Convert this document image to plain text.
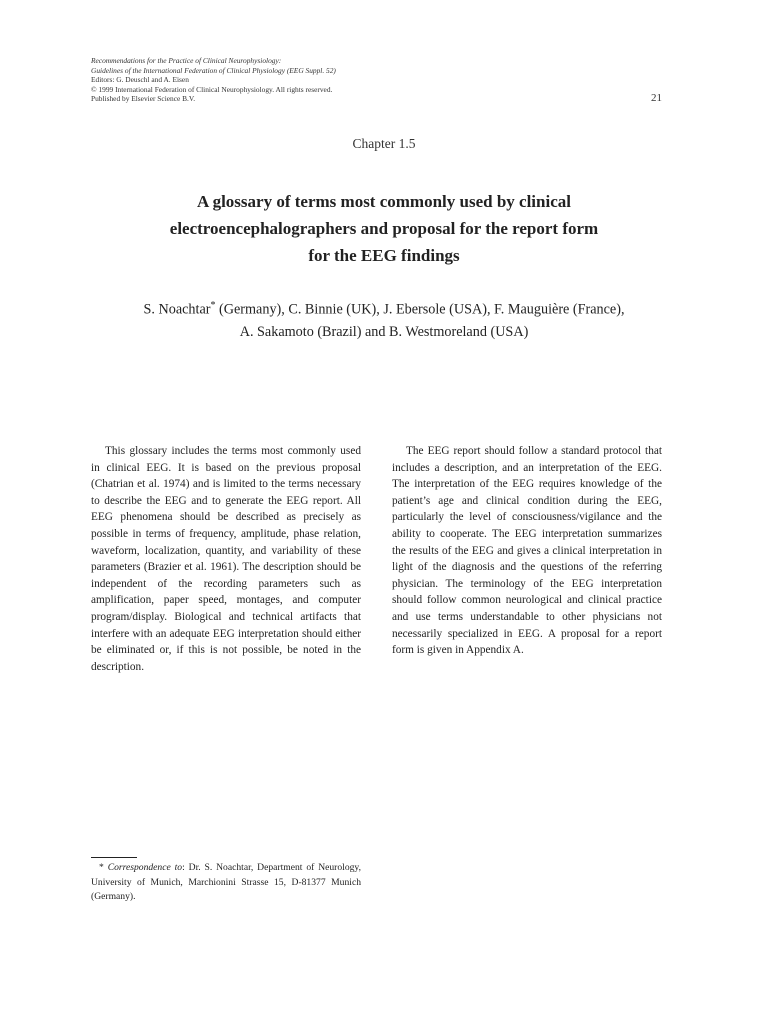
Recommendations for the Practice of Clinical Neurophysiology:
Guidelines of the International Federation of Clinical Physiology (EEG Suppl. 52)
Editors: G. Deuschl and A. Eisen
© 1999 International Federation of Clinical Neurophysiology. All rights reserved.
Published by Elsevier Science B.V.	21
Chapter 1.5
A glossary of terms most commonly used by clinical
electroencephalographers and proposal for the report form
for the EEG findings
S. Noachtar* (Germany), C. Binnie (UK), J. Ebersole (USA), F. Mauguière (France),
A. Sakamoto (Brazil) and B. Westmoreland (USA)

This glossary includes the terms most commonly used in clinical EEG. It is based on the previous proposal (Chatrian et al. 1974) and is limited to the terms necessary to describe the EEG and to generate the EEG report. All EEG phenomena should be described as precisely as possible in terms of frequency, amplitude, phase relation, waveform, localization, quantity, and variability of these parameters (Brazier et al. 1961). The description should be independent of the recording parameters such as amplification, paper speed, montages, and computer program/display. Biological and technical artifacts that interfere with an adequate EEG interpretation should either be eliminated or, if this is not possible, be noted in the description.

The EEG report should follow a standard protocol that includes a description, and an interpretation of the EEG. The interpretation of the EEG requires knowledge of the patient’s age and clinical condition during the EEG, particularly the level of consciousness/vigilance and the ability to cooperate. The EEG interpretation summarizes the results of the EEG and gives a clinical interpretation in light of the diagnosis and the questions of the referring physician. The terminology of the EEG interpretation should follow common neurological and clinical practice and use terms understandable to other physicians not necessarily specialized in EEG. A proposal for a report form is given in Appendix A.

* Correspondence to: Dr. S. Noachtar, Department of Neurology, University of Munich, Marchionini Strasse 15, D-81377 Munich (Germany).
